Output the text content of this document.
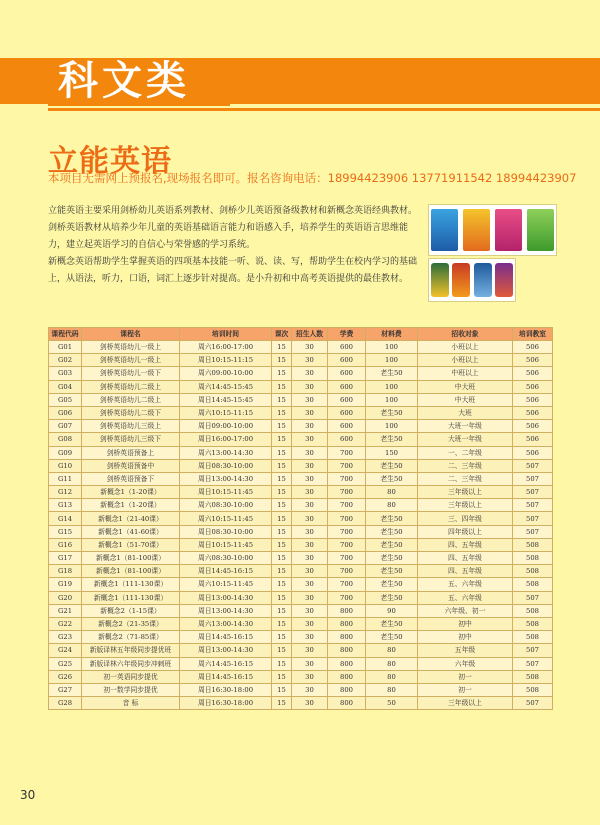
科文类
立能英语
本项目无需网上预报名,现场报名即可。报名咨询电话：18994423906 13771911542 18994423907
立能英语主要采用剑桥幼儿英语系列教材、剑桥少儿英语预备级教材和新概念英语经典教材。剑桥英语教材从培养少年儿童的英语基础语言能力和语感入手，培养学生的英语语言思维能力，建立起英语学习的自信心与荣誉感的学习系统。
新概念英语帮助学生掌握英语的四项基本技能一听、说、读、写，帮助学生在校内学习的基础上，从语法，听力，口语，词汇上逐步针对提高。是小升初和中高考英语提供的最佳教材。
课程代码	课程名	培训时间	课次	招生人数	学费	材料费	招收对象	培训教室
G01	剑桥英语幼儿一级上	周六16:00-17:00	15	30	600	100	小班以上	506
G02	剑桥英语幼儿一级上	周日10:15-11:15	15	30	600	100	小班以上	506
G03	剑桥英语幼儿一级下	周六09:00-10:00	15	30	600	老生50	中班以上	506
G04	剑桥英语幼儿二级上	周六14:45-15:45	15	30	600	100	中大班	506
G05	剑桥英语幼儿二级上	周日14:45-15:45	15	30	600	100	中大班	506
G06	剑桥英语幼儿二级下	周六10:15-11:15	15	30	600	老生50	大班	506
G07	剑桥英语幼儿三级上	周日09:00-10:00	15	30	600	100	大班一年级	506
G08	剑桥英语幼儿三级下	周日16:00-17:00	15	30	600	老生50	大班一年级	506
G09	剑桥英语预备上	周六13:00-14:30	15	30	700	150	一、二年级	506
G10	剑桥英语预备中	周日08:30-10:00	15	30	700	老生50	二、三年级	507
G11	剑桥英语预备下	周日13:00-14:30	15	30	700	老生50	二、三年级	507
G12	新概念1（1-20课）	周日10:15-11:45	15	30	700	80	三年级以上	507
G13	新概念1（1-20课）	周六08:30-10:00	15	30	700	80	三年级以上	507
G14	新概念1（21-40课）	周六10:15-11:45	15	30	700	老生50	三、四年级	507
G15	新概念1（41-60课）	周日08:30-10:00	15	30	700	老生50	四年级以上	507
G16	新概念1（51-70课）	周日10:15-11:45	15	30	700	老生50	四、五年级	508
G17	新概念1（81-100课）	周六08:30-10:00	15	30	700	老生50	四、五年级	508
G18	新概念1（81-100课）	周日14:45-16:15	15	30	700	老生50	四、五年级	508
G19	新概念1（111-130课）	周六10:15-11:45	15	30	700	老生50	五、六年级	508
G20	新概念1（111-130课）	周日13:00-14:30	15	30	700	老生50	五、六年级	507
G21	新概念2（1-15课）	周日13:00-14:30	15	30	800	90	六年级、初一	508
G22	新概念2（21-35课）	周六13:00-14:30	15	30	800	老生50	初中	508
G23	新概念2（71-85课）	周日14:45-16:15	15	30	800	老生50	初中	508
G24	新版译林五年级同步提优班	周日13:00-14:30	15	30	800	80	五年级	507
G25	新版译林六年级同步冲刺班	周六14:45-16:15	15	30	800	80	六年级	507
G26	初一英语同步提优	周日14:45-16:15	15	30	800	80	初一	508
G27	初一数学同步提优	周日16:30-18:00	15	30	800	80	初一	508
G28	音 标	周日16:30-18:00	15	30	800	50	三年级以上	507
30
